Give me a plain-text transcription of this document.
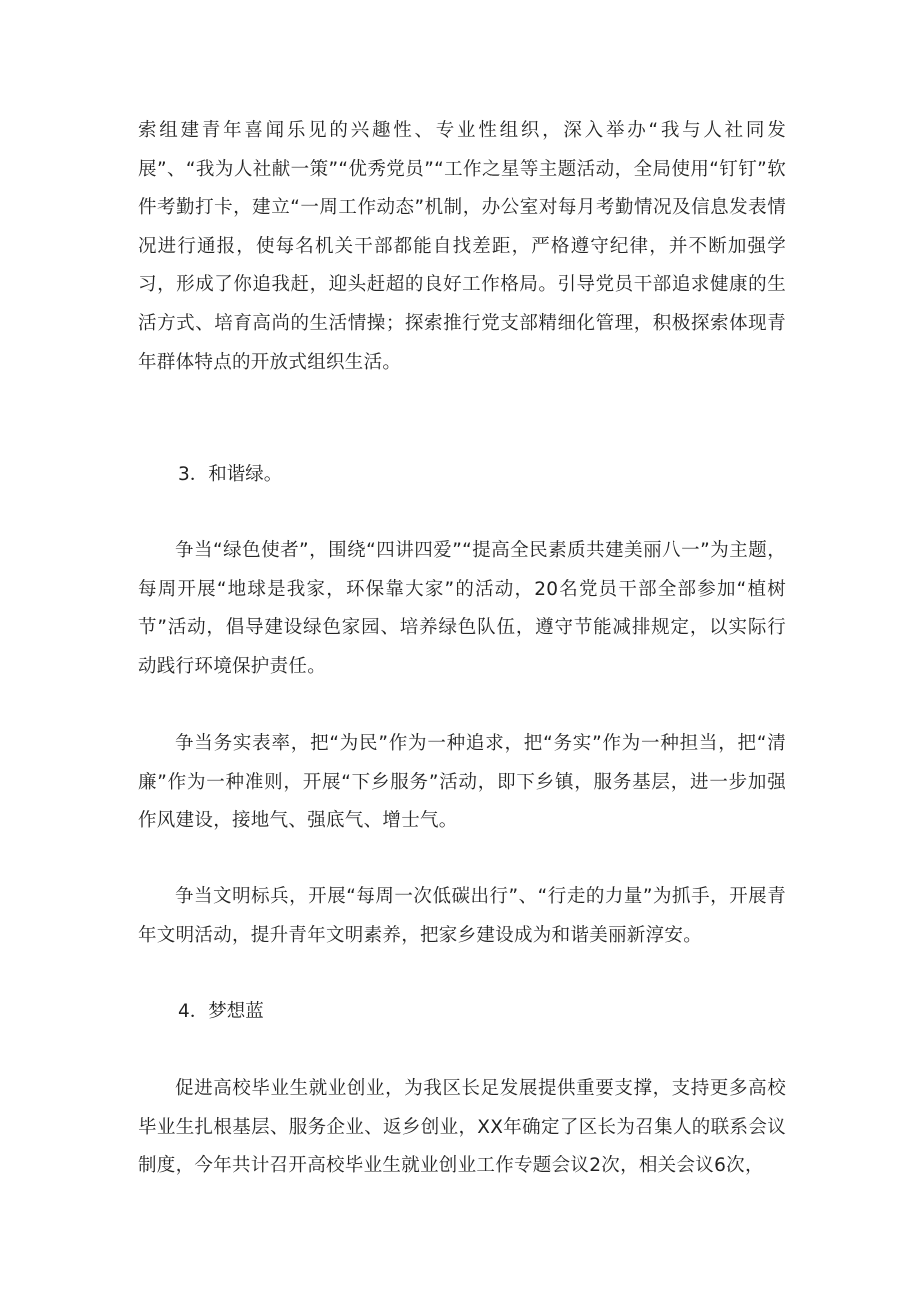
索组建青年喜闻乐见的兴趣性、专业性组织，深入举办“我与人社同发展”、“我为人社献一策”“优秀党员”“工作之星等主题活动，全局使用“钉钉”软件考勤打卡，建立“一周工作动态”机制，办公室对每月考勤情况及信息发表情况进行通报，使每名机关干部都能自找差距，严格遵守纪律，并不断加强学习，形成了你追我赶，迎头赶超的良好工作格局。引导党员干部追求健康的生活方式、培育高尚的生活情操；探索推行党支部精细化管理，积极探索体现青年群体特点的开放式组织生活。

3．和谐绿。

争当“绿色使者”，围绕“四讲四爱”“提高全民素质共建美丽八一”为主题，每周开展“地球是我家，环保靠大家”的活动，20名党员干部全部参加“植树节”活动，倡导建设绿色家园、培养绿色队伍，遵守节能减排规定，以实际行动践行环境保护责任。

争当务实表率，把“为民”作为一种追求，把“务实”作为一种担当，把“清廉”作为一种准则，开展“下乡服务”活动，即下乡镇，服务基层，进一步加强作风建设，接地气、强底气、增士气。

争当文明标兵，开展“每周一次低碳出行”、“行走的力量”为抓手，开展青年文明活动，提升青年文明素养，把家乡建设成为和谐美丽新淳安。

4．梦想蓝

促进高校毕业生就业创业，为我区长足发展提供重要支撑，支持更多高校毕业生扎根基层、服务企业、返乡创业，XX年确定了区长为召集人的联系会议制度，今年共计召开高校毕业生就业创业工作专题会议2次，相关会议6次，
